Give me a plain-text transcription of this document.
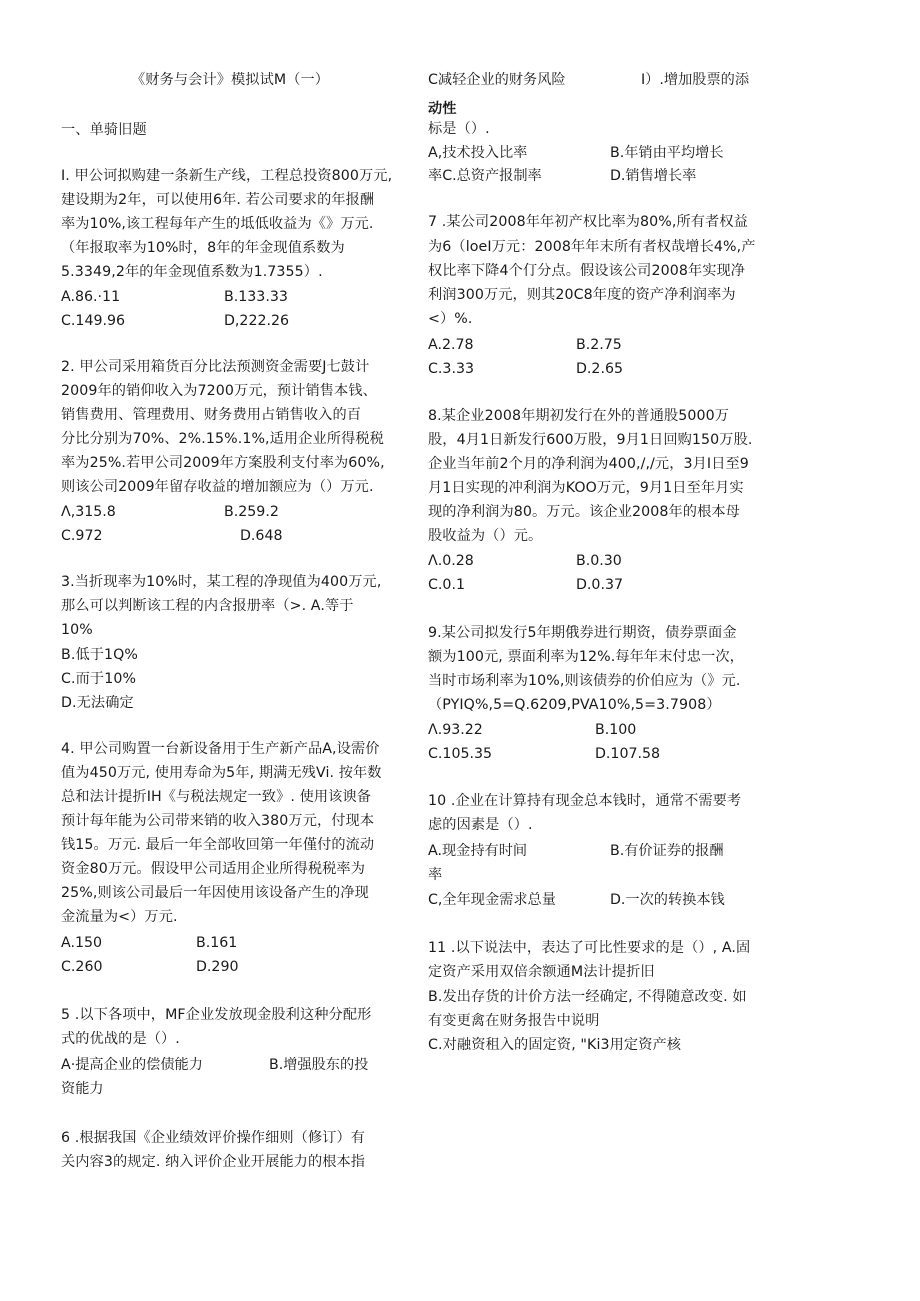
《财务与会计》模拟试M（一）
一、单骑旧题
I. 甲公诃拟购建一条新生产线，工程总投资800万元,
建设期为2年，可以使用6年. 若公司要求的年报酬
率为10%,该工程每年产生的坻低收益为《》万元.
（年报取率为10%时，8年的年金现值系数为
5.3349,2年的年金现值系数为1.7355）.
A.86.·11	B.133.33
C.149.96	D,222.26
2. 甲公司采用箱货百分比法预测资金需要J七鼓计
2009年的销仰收入为7200万元，预计销售本钱、
销售费用、管理费用、财务费用占销售收入的百
分比分别为70%、2%.15%.1%,适用企业所得税税
率为25%.若甲公司2009年方案股利支付率为60%,
则该公司2009年留存收益的增加额应为（）万元.
Λ,315.8	B.259.2
C.972	D.648
3.当折现率为10%时，某工程的净现值为400万元,
那么可以判断该工程的内含报册率（>. A.等于
10%
B.低于1Q%
C.而于10%
D.无法确定
4. 甲公司购置一台新设备用于生产新产品A,设需价
值为450万元, 使用寿命为5年, 期满无残Vi. 按年数
总和法计提折IH《与税法规定一致》. 使用该谀备
预计每年能为公司带来销的收入380万元，付现本
钱15。万元. 最后一年全部收回第一年僅付的流动
资金80万元。假设甲公司适用企业所得税税率为
25%,则该公司最后一年因使用该设备产生的净现
金流量为<）万元.
A.150	B.161
C.260	D.290
5 .以下各项中，MF企业发放现金股利这种分配形
式的优战的是（）.
A·提高企业的偿债能力	B.增强股东的投
资能力
6 .根据我国《企业绩效评价操作细则（修订）有
关内容3的规定. 纳入评价企业开展能力的根本指
C减轻企业的财务风险	I）.增加股票的添
动性
标是（）.
A,技术投入比率	B.年销由平均增长
率C.总资产报制率	D.销售增长率
7 .某公司2008年年初产权比率为80%,所有者权益
为6（loeI万元：2008年年末所有者权哉增长4%,产
权比率下降4个仃分点。假设该公司2008年实现净
利润300万元，则其20C8年度的资产净利润率为
<）%.
A.2.78	B.2.75
C.3.33	D.2.65
8.某企业2008年期初发行在外的普通股5000万
股，4月1日新发行600万股，9月1日回购150万股.
企业当年前2个月的净利润为400,/,/元，3月I日至9
月1日实现的冲利润为KOO万元，9月1日至年月实
现的净利润为80。万元。该企业2008年的根本母
股收益为（）元。
Λ.0.28	B.0.30
C.0.1	D.0.37
9.某公司拟发行5年期俄券进行期资，债券票面金
额为100元, 票面利率为12%.每年年末付忠一次，
当时市场利率为10%,则该债券的价伯应为（》元.
（PYIQ%,5=Q.6209,PVA10%,5=3.7908）
Λ.93.22	B.100
C.105.35	D.107.58
10 .企业在计算持有现金总本钱时，通常不需要考
虑的因素是（）.
A.现金持有时间	B.有价证券的报酬
率
C,全年现金需求总量	D.一次的转换本钱
11 .以下说法中，表达了可比性要求的是（）, A.固
定资产采用双倍余额通M法计提折旧
B.发出存货的计价方法一经确定, 不得随意改变. 如
有变更禽在财务报告中说明
C.对融资租入的固定资, "Ki3用定资产核
